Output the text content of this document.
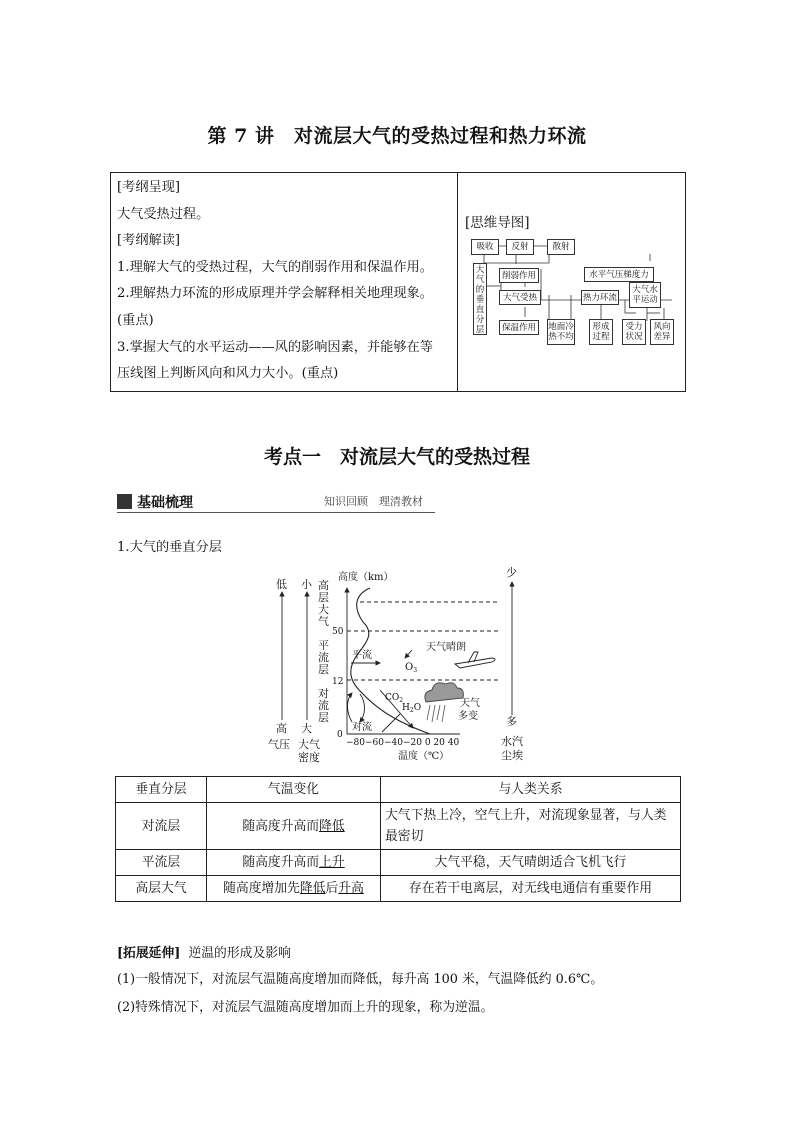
第 7 讲　对流层大气的受热过程和热力环流
[考纲呈现]
大气受热过程。
[考纲解读]
1.理解大气的受热过程，大气的削弱作用和保温作用。
2.理解热力环流的形成原理并学会解释相关地理现象。
(重点)
3.掌握大气的水平运动——风的影响因素，并能够在等
压线图上判断风向和风力大小。(重点)
[思维导图]
吸收	反射	散射
大气的垂直分层
削弱作用
大气受热
保温作用	地面冷热不均
热力环流
形成过程
水平气压梯度力
大气水平运动
受力状况
风向差异
考点一　对流层大气的受热过程
基础梳理	知识回顾　理清教材
1.大气的垂直分层
低 小
高 大
气压 大气
密度
高度（km）
50
12
0
平流
对流
天气晴朗
$O_3$
$CO_2$
$H_2O$	天气
多变
−80−60−40−20 0 20 40
温度（℃）
少
多
水汽
尘埃
高层大气
平流层
对流层
垂直分层	气温变化	与人类关系
对流层	随高度升高而降低	大气下热上冷，空气上升，对流现象显著，与人类最密切
平流层	随高度升高而上升	大气平稳，天气晴朗适合飞机飞行
高层大气	随高度增加先降低后升高	存在若干电离层，对无线电通信有重要作用
[拓展延伸] 逆温的形成及影响
(1)一般情况下，对流层气温随高度增加而降低，每升高 100 米，气温降低约 0.6℃。
(2)特殊情况下，对流层气温随高度增加而上升的现象，称为逆温。
